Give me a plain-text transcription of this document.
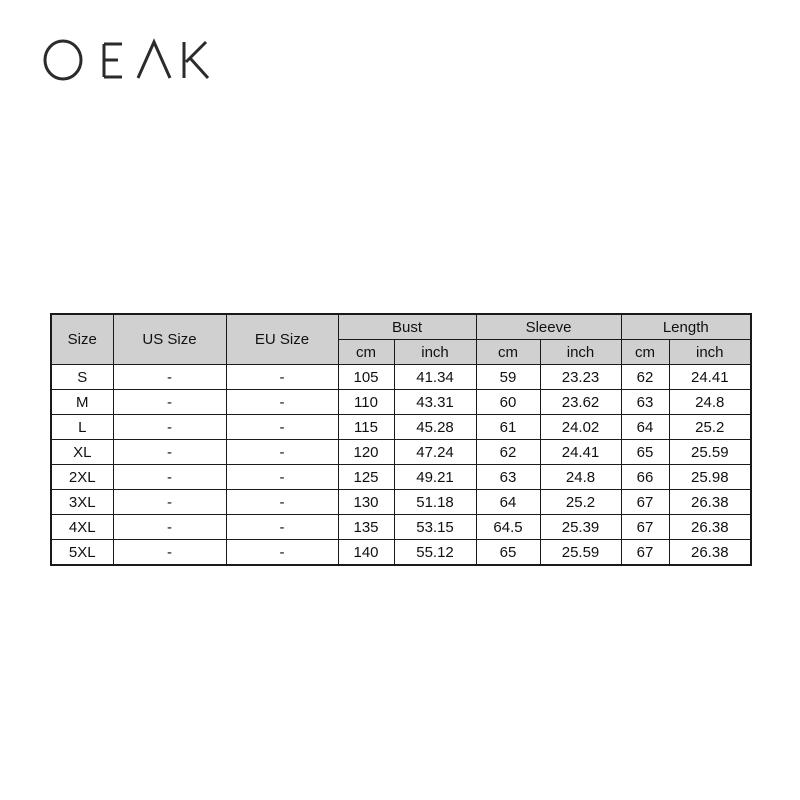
Size	US Size	EU Size	Bust		Sleeve		Length	
			cm	inch	cm	inch	cm	inch
S	-	-	105	41.34	59	23.23	62	24.41
M	-	-	110	43.31	60	23.62	63	24.8
L	-	-	115	45.28	61	24.02	64	25.2
XL	-	-	120	47.24	62	24.41	65	25.59
2XL	-	-	125	49.21	63	24.8	66	25.98
3XL	-	-	130	51.18	64	25.2	67	26.38
4XL	-	-	135	53.15	64.5	25.39	67	26.38
5XL	-	-	140	55.12	65	25.59	67	26.38
